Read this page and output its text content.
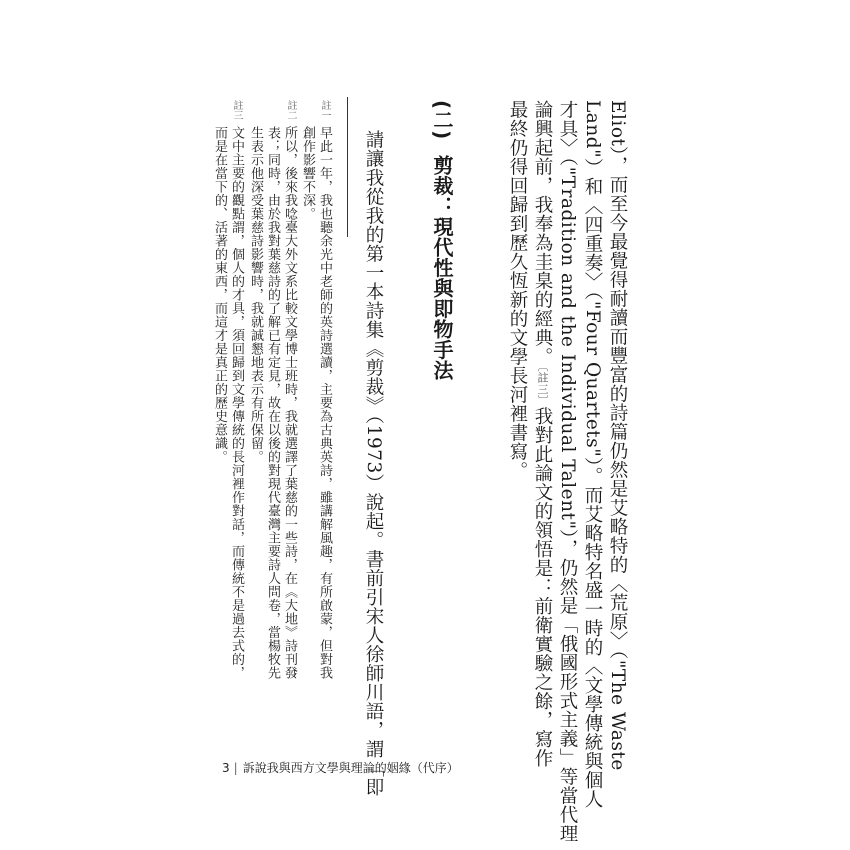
Eliot），而至今最覺得耐讀而豐富的詩篇仍然是艾略特的〈荒原〉（"The Waste
Land"）和〈四重奏〉（"Four Quartets"）。而艾略特名盛一時的〈文學傳統與個人
才具〉（"Tradition and the Individual Talent"），仍然是「俄國形式主義」等當代理
論興起前，我奉為圭臬的經典。〔註三〕我對此論文的領悟是：前衛實驗之餘，寫作
最終仍得回歸到歷久恆新的文學長河裡書寫。
(二) 剪裁：現代性與即物手法
請讓我從我的第一本詩集《剪裁》（1973）說起。書前引宋人徐師川語，謂「即
註一
早此一年，我也聽余光中老師的英詩選讀，主要為古典英詩，雖講解風趣，有所啟蒙，但對我
創作影響不深。
註二
所以，後來我唸臺大外文系比較文學博士班時，我就選譯了葉慈的一些詩，在《大地》詩刊發
表；同時，由於我對葉慈詩的了解已有定見，故在以後的對現代臺灣主要詩人問卷，當楊牧先
生表示他深受葉慈詩影響時，我就誠懇地表示有所保留。
註三
文中主要的觀點謂，個人的才具，須回歸到文學傳統的長河裡作對話，而傳統不是過去式的，
而是在當下的、活著的東西，而這才是真正的歷史意識。
3 | 訴說我與西方文學與理論的姻緣（代序）
